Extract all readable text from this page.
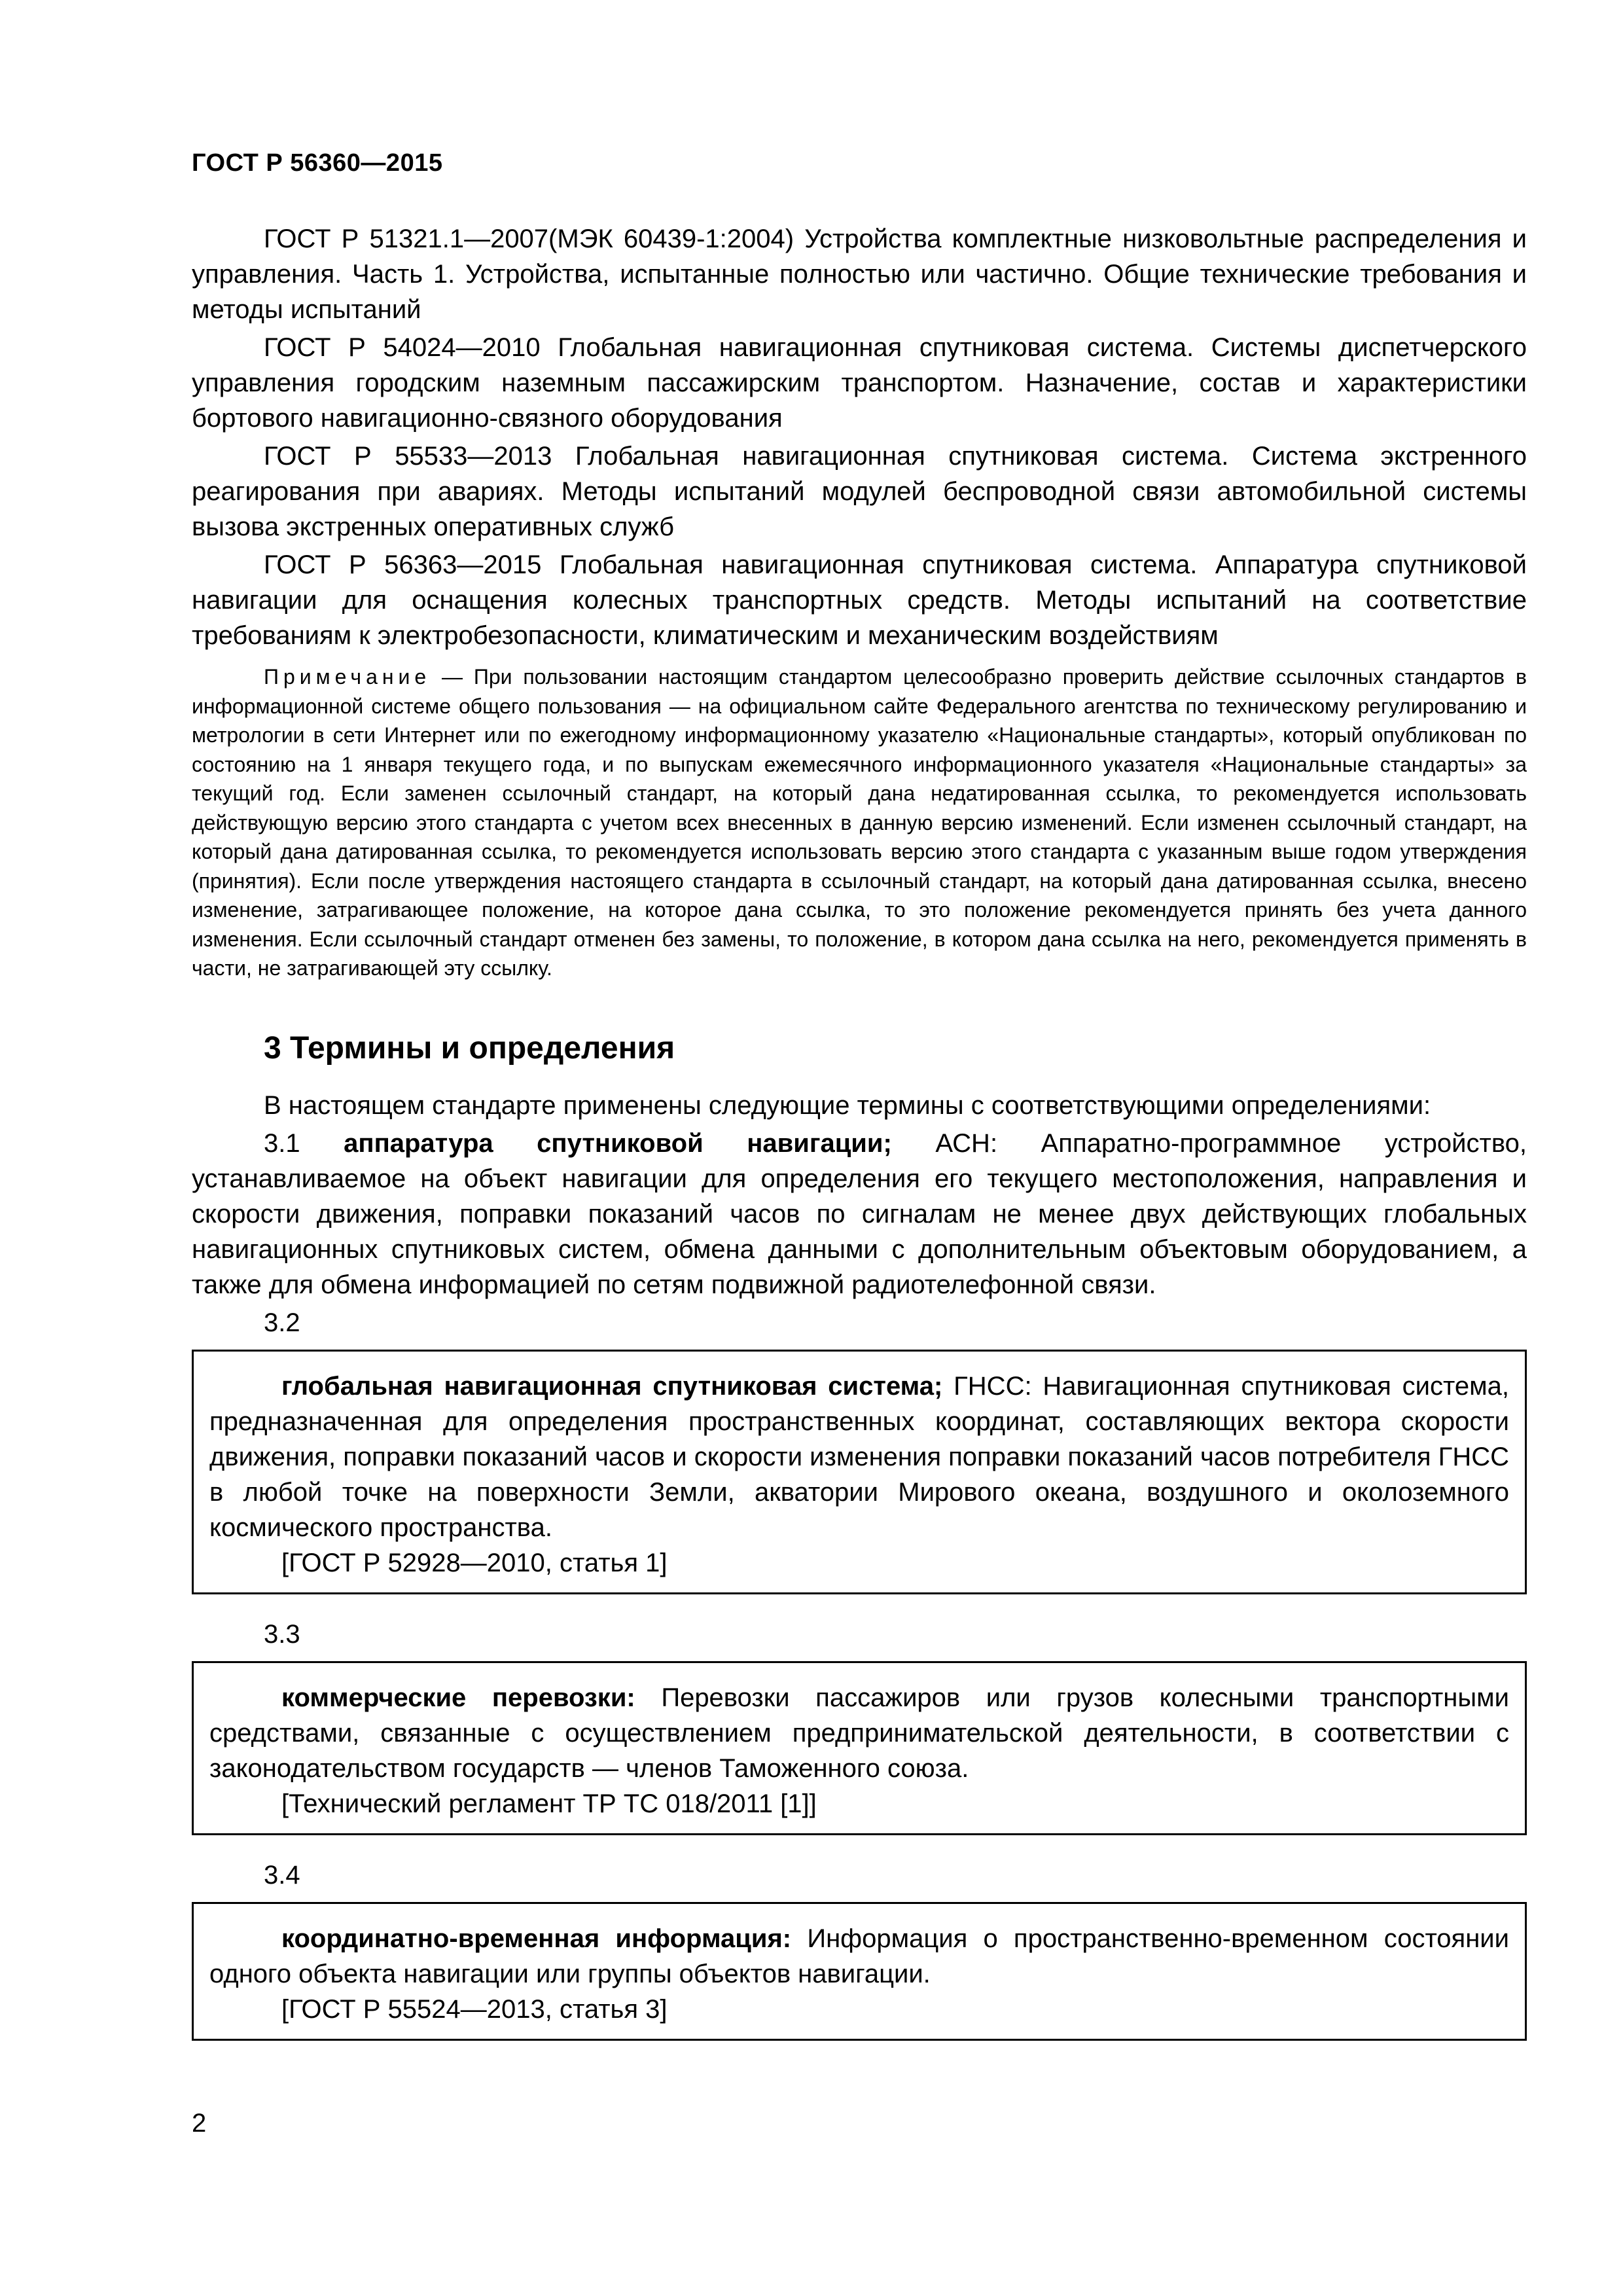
ГОСТ Р 56360—2015

ГОСТ Р 51321.1—2007(МЭК 60439-1:2004) Устройства комплектные низковольтные распределения и управления. Часть 1. Устройства, испытанные полностью или частично. Общие технические требования и методы испытаний

ГОСТ Р 54024—2010 Глобальная навигационная спутниковая система. Системы диспетчерского управления городским наземным пассажирским транспортом. Назначение, состав и характеристики бортового навигационно-связного оборудования

ГОСТ Р 55533—2013 Глобальная навигационная спутниковая система. Система экстренного реагирования при авариях. Методы испытаний модулей беспроводной связи автомобильной системы вызова экстренных оперативных служб

ГОСТ Р 56363—2015 Глобальная навигационная спутниковая система. Аппаратура спутниковой навигации для оснащения колесных транспортных средств. Методы испытаний на соответствие требованиям к электробезопасности, климатическим и механическим воздействиям

Примечание — При пользовании настоящим стандартом целесообразно проверить действие ссылочных стандартов в информационной системе общего пользования — на официальном сайте Федерального агентства по техническому регулированию и метрологии в сети Интернет или по ежегодному информационному указателю «Национальные стандарты», который опубликован по состоянию на 1 января текущего года, и по выпускам ежемесячного информационного указателя «Национальные стандарты» за текущий год. Если заменен ссылочный стандарт, на который дана недатированная ссылка, то рекомендуется использовать действующую версию этого стандарта с учетом всех внесенных в данную версию изменений. Если изменен ссылочный стандарт, на который дана датированная ссылка, то рекомендуется использовать версию этого стандарта с указанным выше годом утверждения (принятия). Если после утверждения настоящего стандарта в ссылочный стандарт, на который дана датированная ссылка, внесено изменение, затрагивающее положение, на которое дана ссылка, то это положение рекомендуется принять без учета данного изменения. Если ссылочный стандарт отменен без замены, то положение, в котором дана ссылка на него, рекомендуется применять в части, не затрагивающей эту ссылку.

3 Термины и определения

В настоящем стандарте применены следующие термины с соответствующими определениями:

3.1 аппаратура спутниковой навигации; АСН: Аппаратно-программное устройство, устанавливаемое на объект навигации для определения его текущего местоположения, направления и скорости движения, поправки показаний часов по сигналам не менее двух действующих глобальных навигационных спутниковых систем, обмена данными с дополнительным объектовым оборудованием, а также для обмена информацией по сетям подвижной радиотелефонной связи.

3.2

глобальная навигационная спутниковая система; ГНСС: Навигационная спутниковая система, предназначенная для определения пространственных координат, составляющих вектора скорости движения, поправки показаний часов и скорости изменения поправки показаний часов потребителя ГНСС в любой точке на поверхности Земли, акватории Мирового океана, воздушного и околоземного космического пространства.

[ГОСТ Р 52928—2010, статья 1]

3.3

коммерческие перевозки: Перевозки пассажиров или грузов колесными транспортными средствами, связанные с осуществлением предпринимательской деятельности, в соответствии с законодательством государств — членов Таможенного союза.

[Технический регламент ТР ТС 018/2011 [1]]

3.4

координатно-временная информация: Информация о пространственно-временном состоянии одного объекта навигации или группы объектов навигации.

[ГОСТ Р 55524—2013, статья 3]

2
